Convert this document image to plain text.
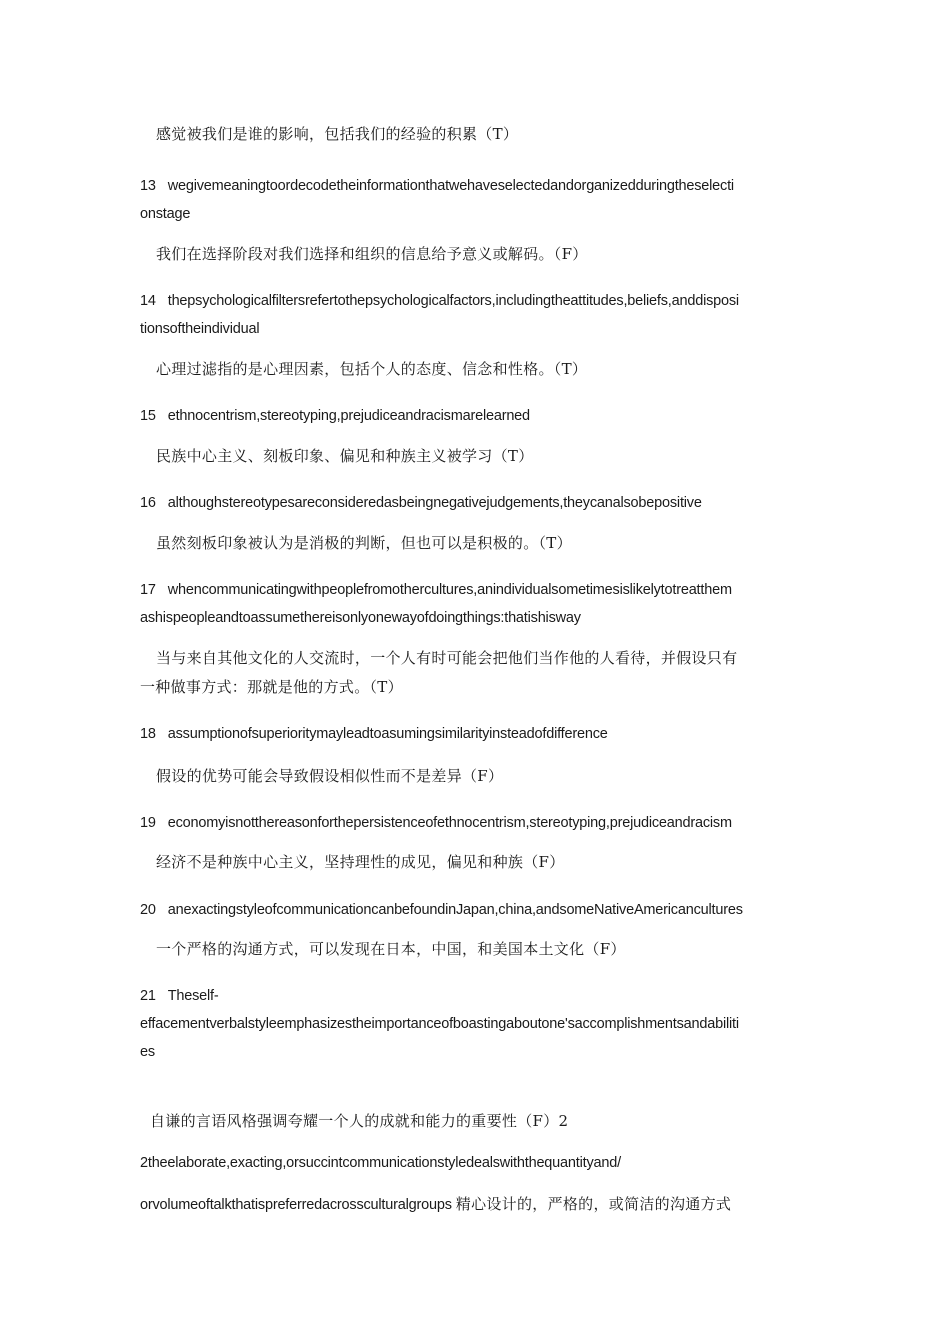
感觉被我们是谁的影响，包括我们的经验的积累（T）
13 wegivemeaningtoordecodetheinformationthatwehaveselectedandorganizedduringtheselecti
onstage
我们在选择阶段对我们选择和组织的信息给予意义或解码。（F）
14 thepsychologicalfiltersrefertothepsychologicalfactors,includingtheattitudes,beliefs,anddisposi
tionsoftheindividual
心理过滤指的是心理因素，包括个人的态度、信念和性格。（T）
15 ethnocentrism,stereotyping,prejudiceandracismarelearned
民族中心主义、刻板印象、偏见和种族主义被学习（T）
16 althoughstereotypesareconsideredasbeingnegativejudgements,theycanalsobepositive
虽然刻板印象被认为是消极的判断，但也可以是积极的。（T）
17 whencommunicatingwithpeoplefromothercultures,anindividualsometimesislikelytotreatthem
ashispeopleandtoassumethereisonlyonewayofdoingthings:thatishisway
当与来自其他文化的人交流时，一个人有时可能会把他们当作他的人看待，并假设只有
一种做事方式：那就是他的方式。（T）
18 assumptionofsuperioritymayleadtoasumingsimilarityinsteadofdifference
假设的优势可能会导致假设相似性而不是差异（F）
19 economyisnotthereasonforthepersistenceofethnocentrism,stereotyping,prejudiceandracism
经济不是种族中心主义，坚持理性的成见，偏见和种族（F）
20 anexactingstyleofcommunicationcanbefoundinJapan,china,andsomeNativeAmericancultures
一个严格的沟通方式，可以发现在日本，中国，和美国本土文化（F）
21 Theself-
effacementverbalstyleemphasizestheimportanceofboastingaboutone'saccomplishmentsandabiliti
es
自谦的言语风格强调夸耀一个人的成就和能力的重要性（F）2
2theelaborate,exacting,orsuccintcommunicationstyledealswiththequantityand/
orvolumeoftalkthatispreferredacrossculturalgroups 精心设计的，严格的，或简洁的沟通方式
